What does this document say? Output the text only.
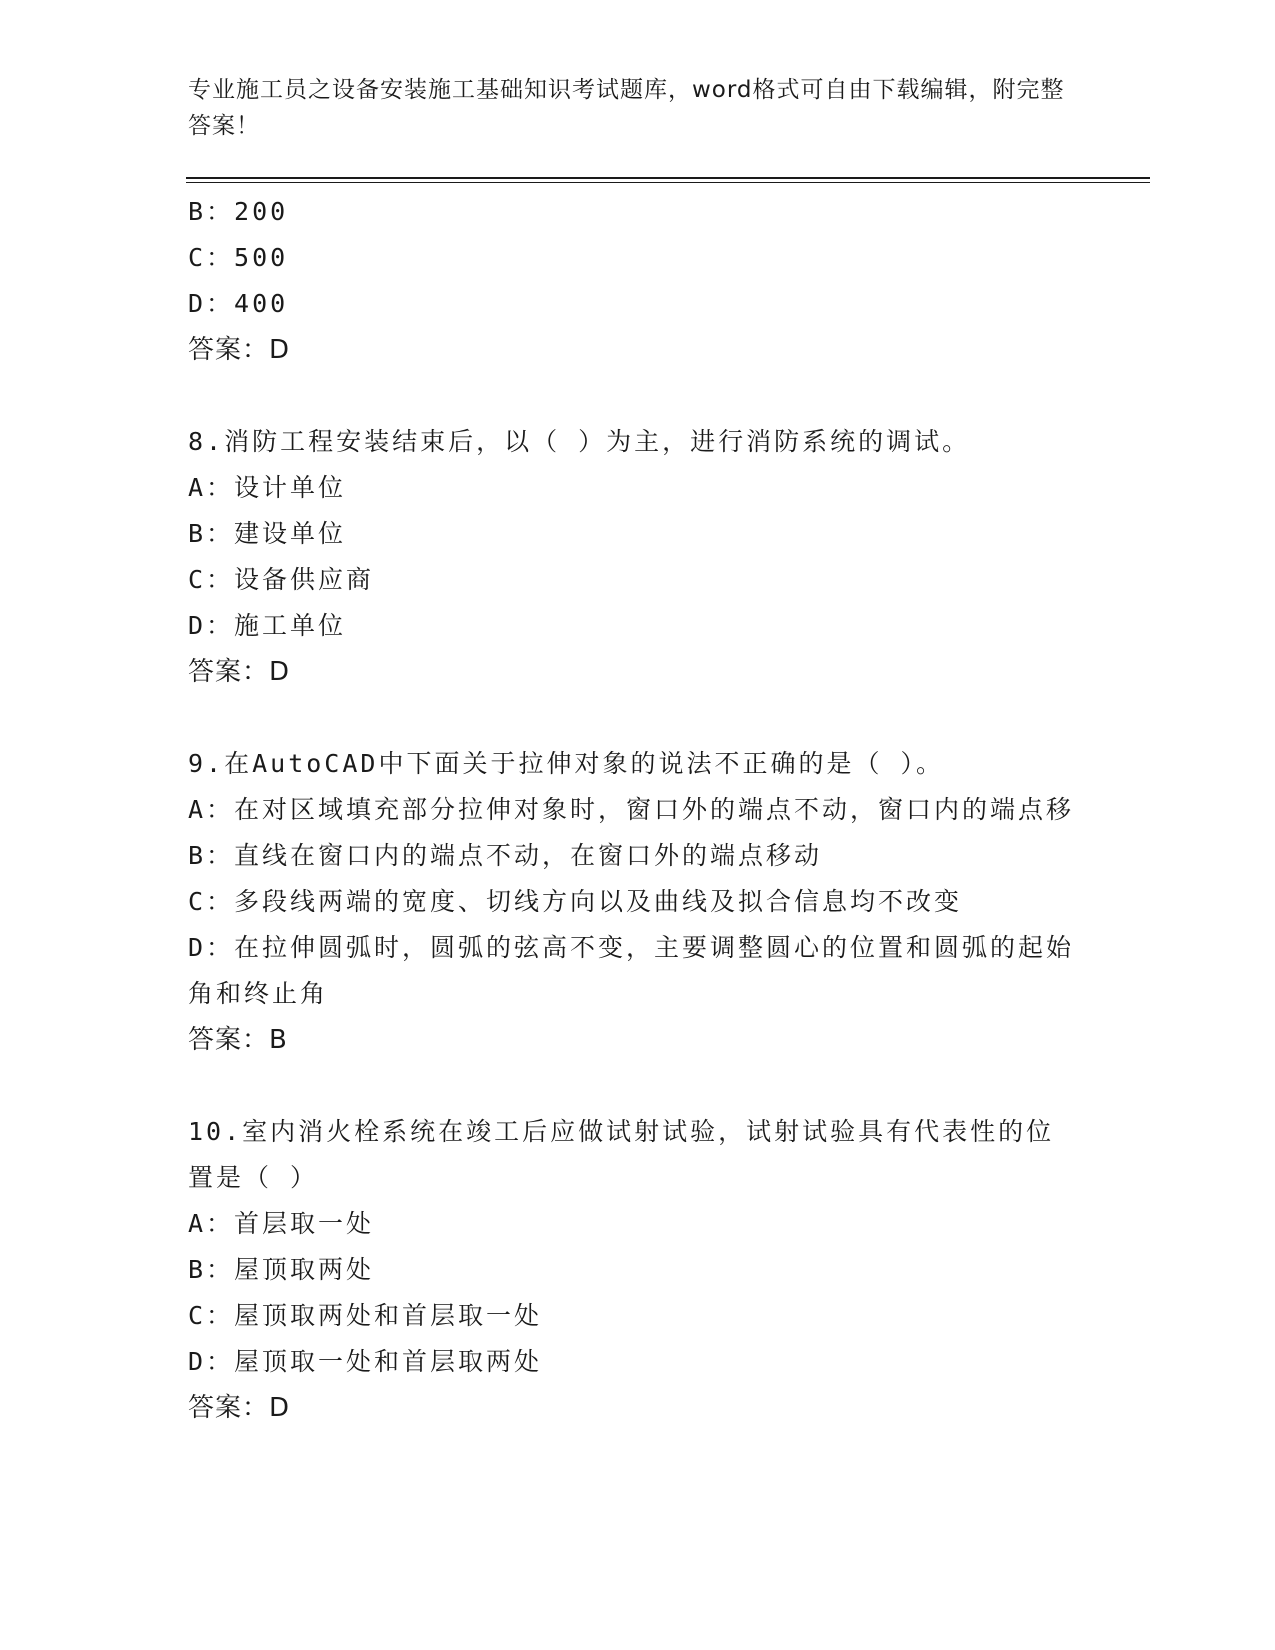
专业施工员之设备安装施工基础知识考试题库，word格式可自由下载编辑，附完整答案！
B：200
C：500
D：400
答案：D
8.消防工程安装结束后，以（ ）为主，进行消防系统的调试。
A：设计单位
B：建设单位
C：设备供应商
D：施工单位
答案：D
9.在AutoCAD中下面关于拉伸对象的说法不正确的是（ ）。
A：在对区域填充部分拉伸对象时，窗口外的端点不动，窗口内的端点移
B：直线在窗口内的端点不动，在窗口外的端点移动
C：多段线两端的宽度、切线方向以及曲线及拟合信息均不改变
D：在拉伸圆弧时，圆弧的弦高不变，主要调整圆心的位置和圆弧的起始角和终止角
答案：B
10.室内消火栓系统在竣工后应做试射试验，试射试验具有代表性的位置是（ ）
A：首层取一处
B：屋顶取两处
C：屋顶取两处和首层取一处
D：屋顶取一处和首层取两处
答案：D
